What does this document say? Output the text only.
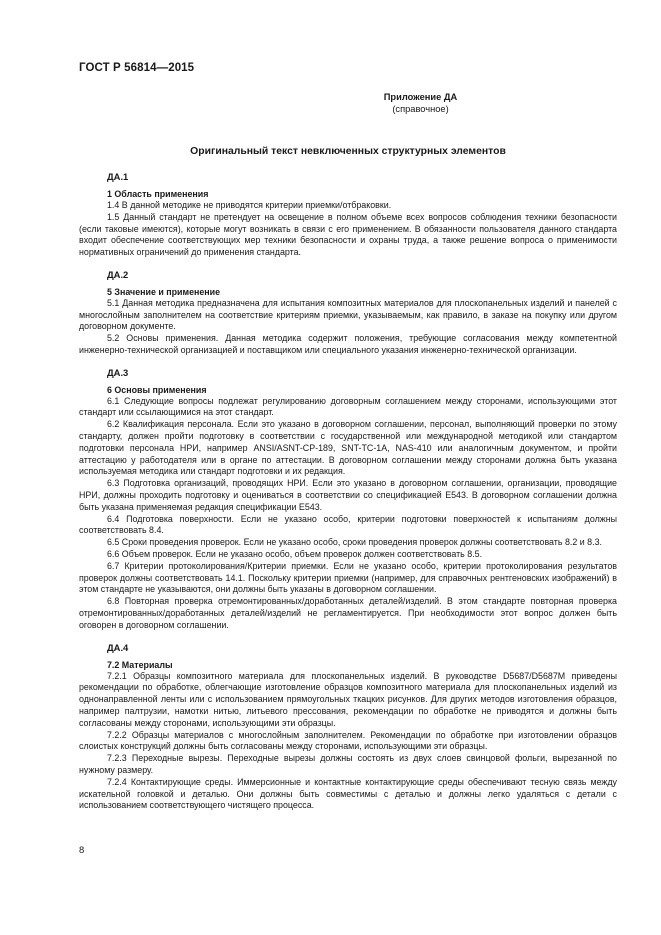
ГОСТ Р 56814—2015
Приложение ДА
(справочное)
Оригинальный текст невключенных структурных элементов
ДА.1
1 Область применения

1.4 В данной методике не приводятся критерии приемки/отбраковки.

1.5 Данный стандарт не претендует на освещение в полном объеме всех вопросов соблюдения техники безопасности (если таковые имеются), которые могут возникать в связи с его применением. В обязанности пользователя данного стандарта входит обеспечение соответствующих мер техники безопасности и охраны труда, а также решение вопроса о применимости нормативных ограничений до применения стандарта.

ДА.2
5 Значение и применение

5.1 Данная методика предназначена для испытания композитных материалов для плоскопанельных изделий и панелей с многослойным заполнителем на соответствие критериям приемки, указываемым, как правило, в заказе на покупку или другом договорном документе.

5.2 Основы применения. Данная методика содержит положения, требующие согласования между компетентной инженерно-технической организацией и поставщиком или специального указания инженерно-технической организации.

ДА.3
6 Основы применения

6.1 Следующие вопросы подлежат регулированию договорным соглашением между сторонами, использующими этот стандарт или ссылающимися на этот стандарт.

6.2 Квалификация персонала. Если это указано в договорном соглашении, персонал, выполняющий проверки по этому стандарту, должен пройти подготовку в соответствии с государственной или международной методикой или стандартом подготовки персонала НРИ, например ANSI/ASNT-CP-189, SNT-TC-1A, NAS-410 или аналогичным документом, и пройти аттестацию у работодателя или в органе по аттестации. В договорном соглашении между сторонами должна быть указана используемая методика или стандарт подготовки и их редакция.

6.3 Подготовка организаций, проводящих НРИ. Если это указано в договорном соглашении, организации, проводящие НРИ, должны проходить подготовку и оцениваться в соответствии со спецификацией E543. В договорном соглашении должна быть указана применяемая редакция спецификации E543.

6.4 Подготовка поверхности. Если не указано особо, критерии подготовки поверхностей к испытаниям должны соответствовать 8.4.

6.5 Сроки проведения проверок. Если не указано особо, сроки проведения проверок должны соответствовать 8.2 и 8.3.

6.6 Объем проверок. Если не указано особо, объем проверок должен соответствовать 8.5.

6.7 Критерии протоколирования/Критерии приемки. Если не указано особо, критерии протоколирования результатов проверок должны соответствовать 14.1. Поскольку критерии приемки (например, для справочных рентгеновских изображений) в этом стандарте не указываются, они должны быть указаны в договорном соглашении.

6.8 Повторная проверка отремонтированных/доработанных деталей/изделий. В этом стандарте повторная проверка отремонтированных/доработанных деталей/изделий не регламентируется. При необходимости этот вопрос должен быть оговорен в договорном соглашении.

ДА.4
7.2 Материалы

7.2.1 Образцы композитного материала для плоскопанельных изделий. В руководстве D5687/D5687M приведены рекомендации по обработке, облегчающие изготовление образцов композитного материала для плоскопанельных изделий из однонаправленной ленты или с использованием прямоугольных ткацких рисунков. Для других методов изготовления образцов, например палтрузии, намотки нитью, литьевого прессования, рекомендации по обработке не приводятся и должны быть согласованы между сторонами, использующими эти образцы.

7.2.2 Образцы материалов с многослойным заполнителем. Рекомендации по обработке при изготовлении образцов слоистых конструкций должны быть согласованы между сторонами, использующими эти образцы.

7.2.3 Переходные вырезы. Переходные вырезы должны состоять из двух слоев свинцовой фольги, вырезанной по нужному размеру.

7.2.4 Контактирующие среды. Иммерсионные и контактные контактирующие среды обеспечивают тесную связь между искательной головкой и деталью. Они должны быть совместимы с деталью и должны легко удаляться с детали с использованием соответствующего чистящего процесса.

8
